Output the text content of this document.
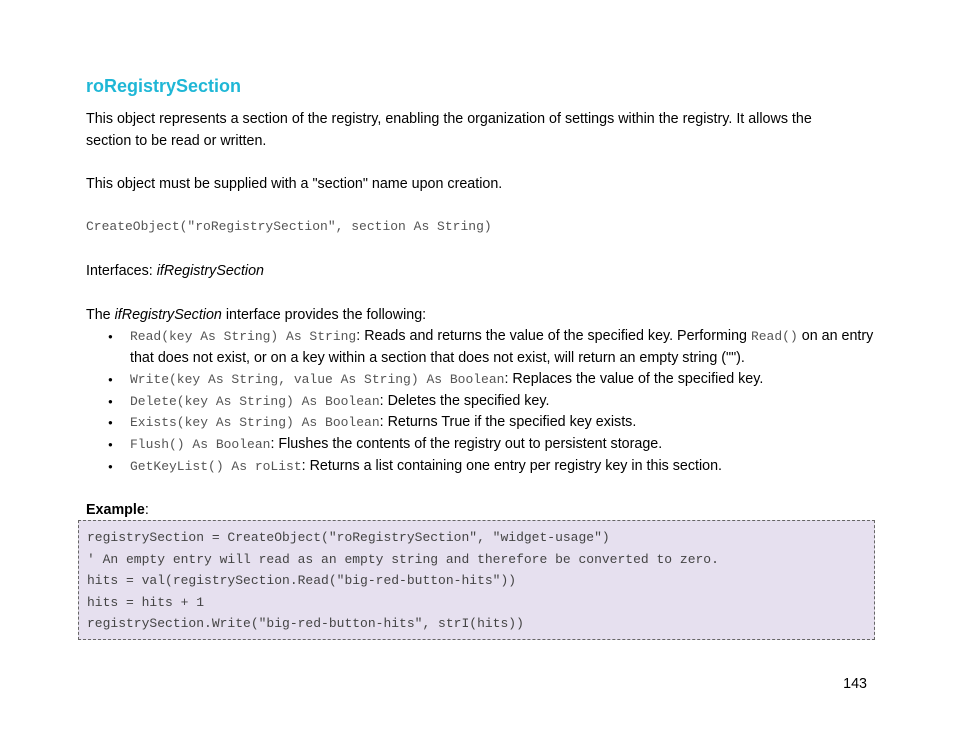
roRegistrySection

This object represents a section of the registry, enabling the organization of settings within the registry. It allows the section to be read or written.

This object must be supplied with a "section" name upon creation.

CreateObject("roRegistrySection", section As String)

Interfaces: ifRegistrySection

The ifRegistrySection interface provides the following:

● Read(key As String) As String: Reads and returns the value of the specified key. Performing Read() on an entry that does not exist, or on a key within a section that does not exist, will return an empty string ("").
● Write(key As String, value As String) As Boolean: Replaces the value of the specified key.
● Delete(key As String) As Boolean: Deletes the specified key.
● Exists(key As String) As Boolean: Returns True if the specified key exists.
● Flush() As Boolean: Flushes the contents of the registry out to persistent storage.
● GetKeyList() As roList: Returns a list containing one entry per registry key in this section.

Example:

registrySection = CreateObject("roRegistrySection", "widget-usage")
' An empty entry will read as an empty string and therefore be converted to zero.
hits = val(registrySection.Read("big-red-button-hits"))
hits = hits + 1
registrySection.Write("big-red-button-hits", strI(hits))
143
